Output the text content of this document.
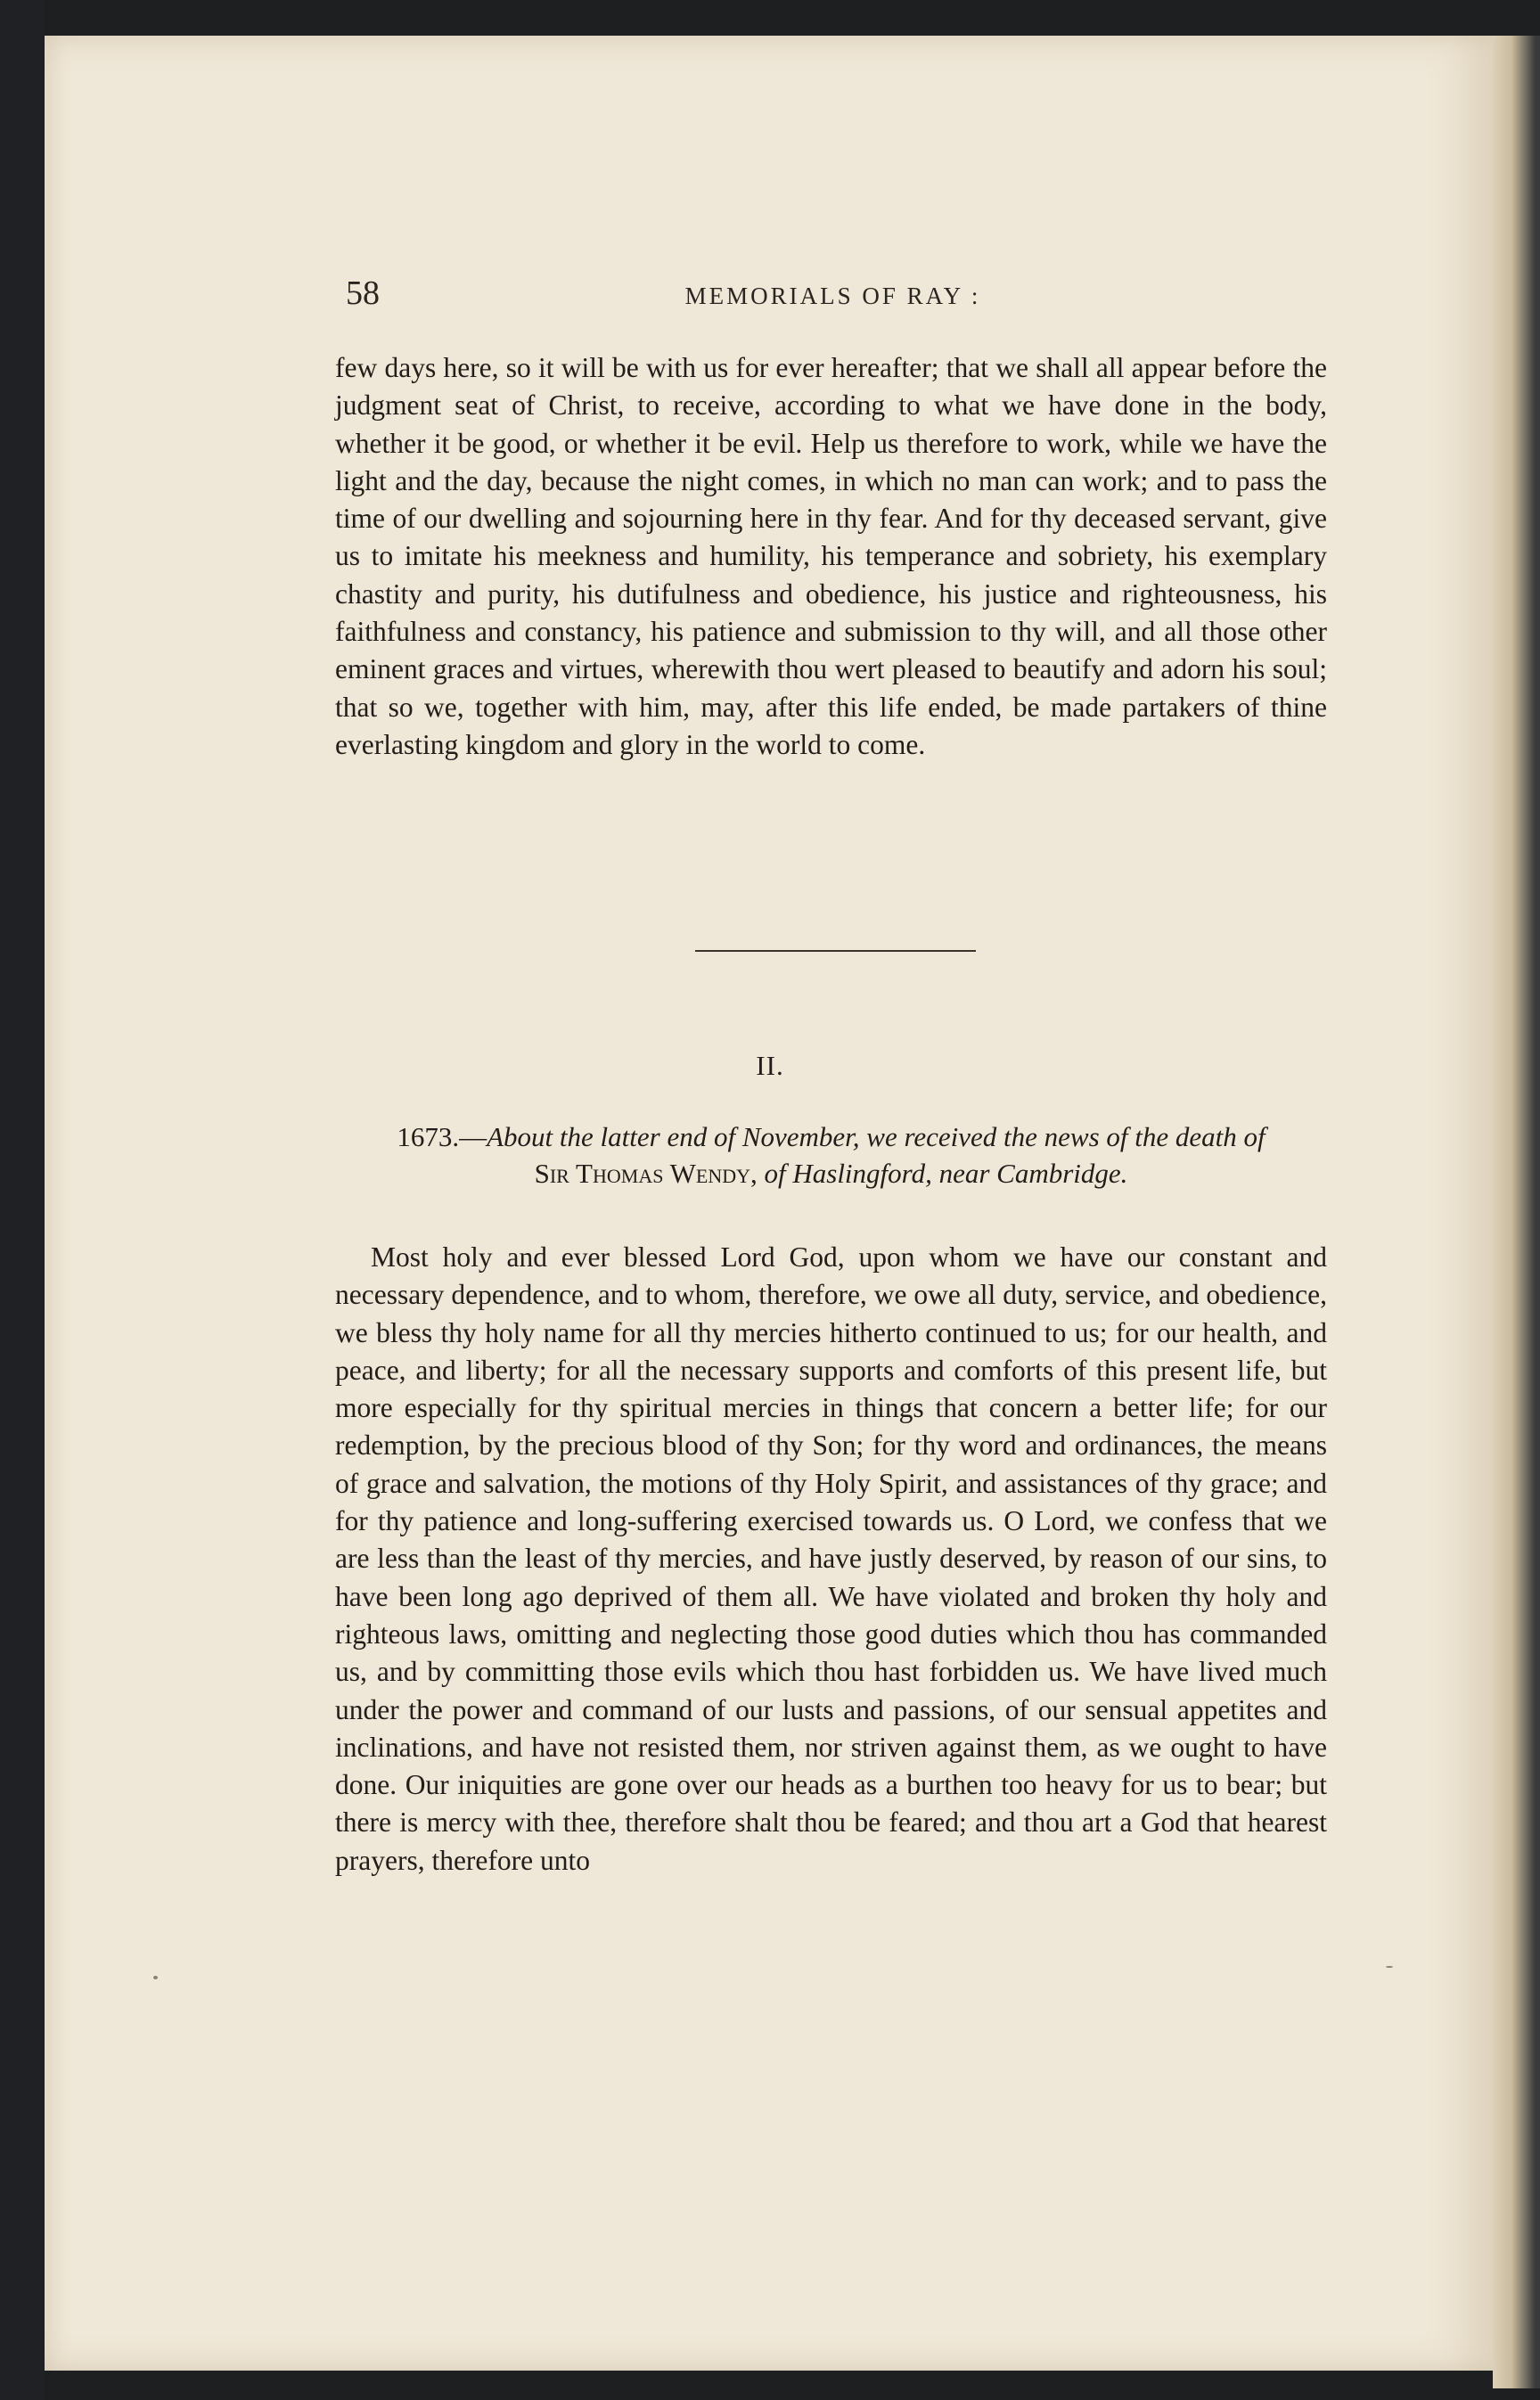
58	MEMORIALS OF RAY :
few days here, so it will be with us for ever hereafter; that we shall all appear before the judgment seat of Christ, to receive, according to what we have done in the body, whether it be good, or whether it be evil. Help us therefore to work, while we have the light and the day, because the night comes, in which no man can work; and to pass the time of our dwelling and sojourning here in thy fear. And for thy deceased servant, give us to imitate his meekness and humility, his temperance and sobriety, his exemplary chastity and purity, his dutifulness and obedience, his justice and righteousness, his faithfulness and constancy, his patience and submission to thy will, and all those other eminent graces and virtues, wherewith thou wert pleased to beautify and adorn his soul; that so we, together with him, may, after this life ended, be made partakers of thine everlasting kingdom and glory in the world to come.
II.
1673.—About the latter end of November, we received the news of the death of
Sir Thomas Wendy, of Haslingford, near Cambridge.
Most holy and ever blessed Lord God, upon whom we have our constant and necessary dependence, and to whom, therefore, we owe all duty, service, and obedience, we bless thy holy name for all thy mercies hitherto continued to us; for our health, and peace, and liberty; for all the necessary supports and comforts of this present life, but more especially for thy spiritual mercies in things that concern a better life; for our redemption, by the precious blood of thy Son; for thy word and ordinances, the means of grace and salvation, the motions of thy Holy Spirit, and assistances of thy grace; and for thy patience and long-suffering exercised towards us. O Lord, we confess that we are less than the least of thy mercies, and have justly deserved, by reason of our sins, to have been long ago deprived of them all. We have violated and broken thy holy and righteous laws, omitting and neglecting those good duties which thou has commanded us, and by committing those evils which thou hast forbidden us. We have lived much under the power and command of our lusts and passions, of our sensual appetites and inclinations, and have not resisted them, nor striven against them, as we ought to have done. Our iniquities are gone over our heads as a burthen too heavy for us to bear; but there is mercy with thee, therefore shalt thou be feared; and thou art a God that hearest prayers, therefore unto
